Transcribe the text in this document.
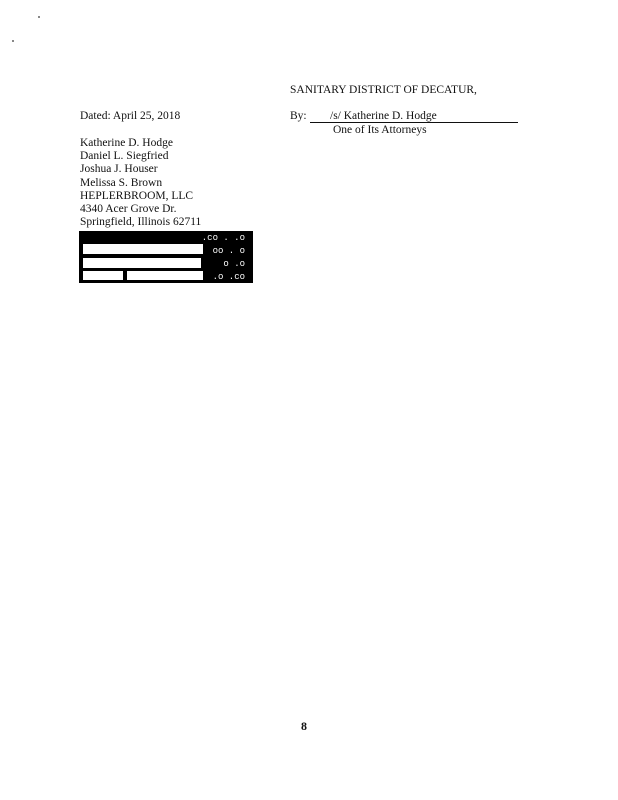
SANITARY DISTRICT OF DECATUR,
Dated: April 25, 2018	By: /s/ Katherine D. Hodge
One of Its Attorneys
Katherine D. Hodge
Daniel L. Siegfried
Joshua J. Houser
Melissa S. Brown
HEPLERBROOM, LLC
4340 Acer Grove Dr.
Springfield, Illinois 62711
.co . .o
oo . o
o .o
.o .co
8
